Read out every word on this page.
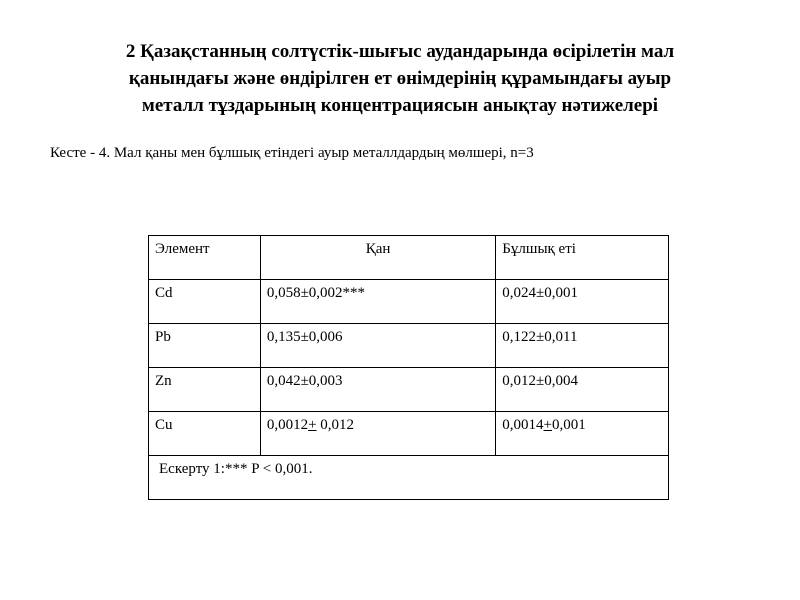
2 Қазақстанның солтүстік-шығыс аудандарында өсірілетін мал
қанындағы және өндірілген ет өнімдерінің құрамындағы ауыр
металл тұздарының концентрациясын анықтау нәтижелері
Кесте - 4. Мал қаны мен бұлшық етіндегі ауыр металлдардың мөлшері, n=3
Элемент	Қан	Бұлшық еті
Cd	0,058±0,002***	0,024±0,001
Pb	0,135±0,006	0,122±0,011
Zn	0,042±0,003	0,012±0,004
Cu	0,0012+ 0,012	0,0014+0,001
Ескерту 1:*** P < 0,001.		
